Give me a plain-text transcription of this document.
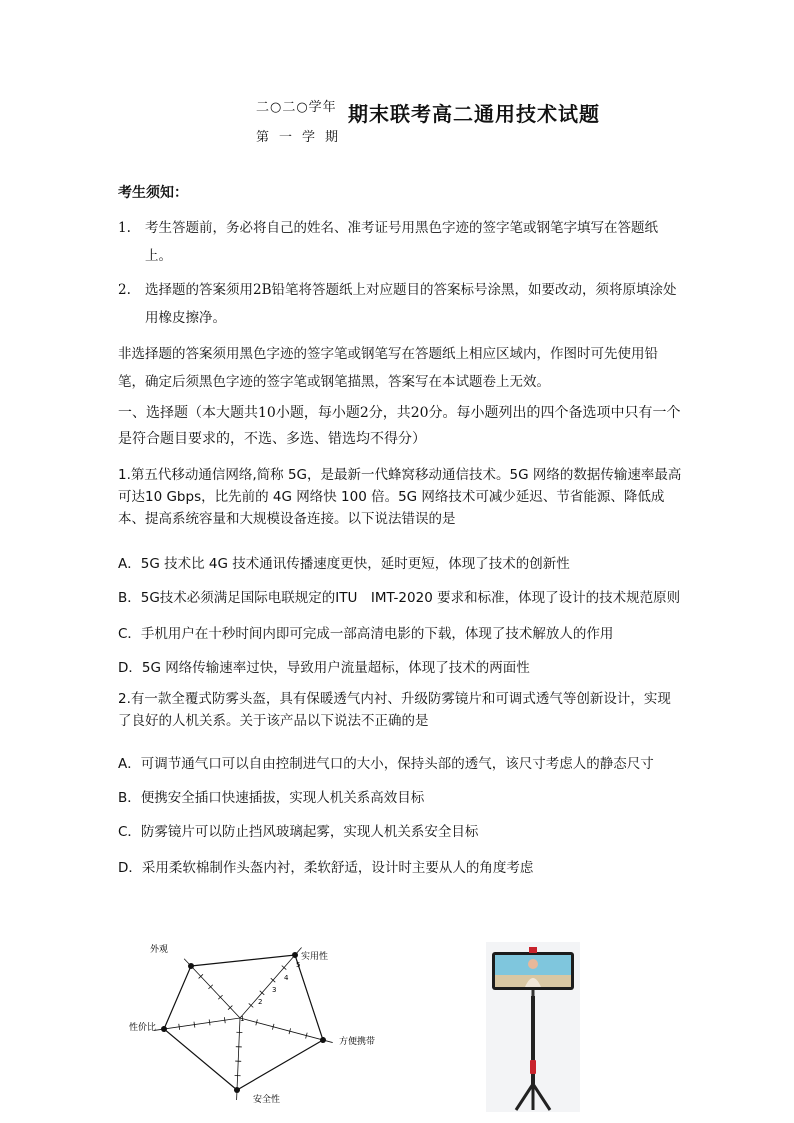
二○二○学年
第一学期
期末联考高二通用技术试题
考生须知：
1.	考生答题前，务必将自己的姓名、准考证号用黑色字迹的签字笔或钢笔字填写在答题纸上。
2.	选择题的答案须用2B铅笔将答题纸上对应题目的答案标号涂黑，如要改动，须将原填涂处用橡皮擦净。
非选择题的答案须用黑色字迹的签字笔或钢笔写在答题纸上相应区域内，作图时可先使用铅笔，确定后须黑色字迹的签字笔或钢笔描黑，答案写在本试题卷上无效。
一、选择题（本大题共10小题，每小题2分，共20分。每小题列出的四个备选项中只有一个是符合题目要求的，不选、多选、错选均不得分）
1.第五代移动通信网络,简称 5G，是最新一代蜂窝移动通信技术。5G 网络的数据传输速率最高可达10 Gbps，比先前的 4G 网络快 100 倍。5G 网络技术可减少延迟、节省能源、降低成本、提高系统容量和大规模设备连接。以下说法错误的是
A．5G 技术比 4G 技术通讯传播速度更快，延时更短，体现了技术的创新性
B．5G技术必须满足国际电联规定的ITU　IMT-2020 要求和标准，体现了设计的技术规范原则
C．手机用户在十秒时间内即可完成一部高清电影的下载，体现了技术解放人的作用
D．5G 网络传输速率过快，导致用户流量超标，体现了技术的两面性
2.有一款全覆式防雾头盔，具有保暖透气内衬、升级防雾镜片和可调式透气等创新设计，实现了良好的人机关系。关于该产品以下说法不正确的是
A．可调节通气口可以自由控制进气口的大小，保持头部的透气，该尺寸考虑人的静态尺寸
B．便携安全插口快速插拔，实现人机关系高效目标
C．防雾镜片可以防止挡风玻璃起雾，实现人机关系安全目标
D．采用柔软棉制作头盔内衬，柔软舒适，设计时主要从人的角度考虑
外观
实用性
方便携带
安全性
性价比
1
2
3
4
5
